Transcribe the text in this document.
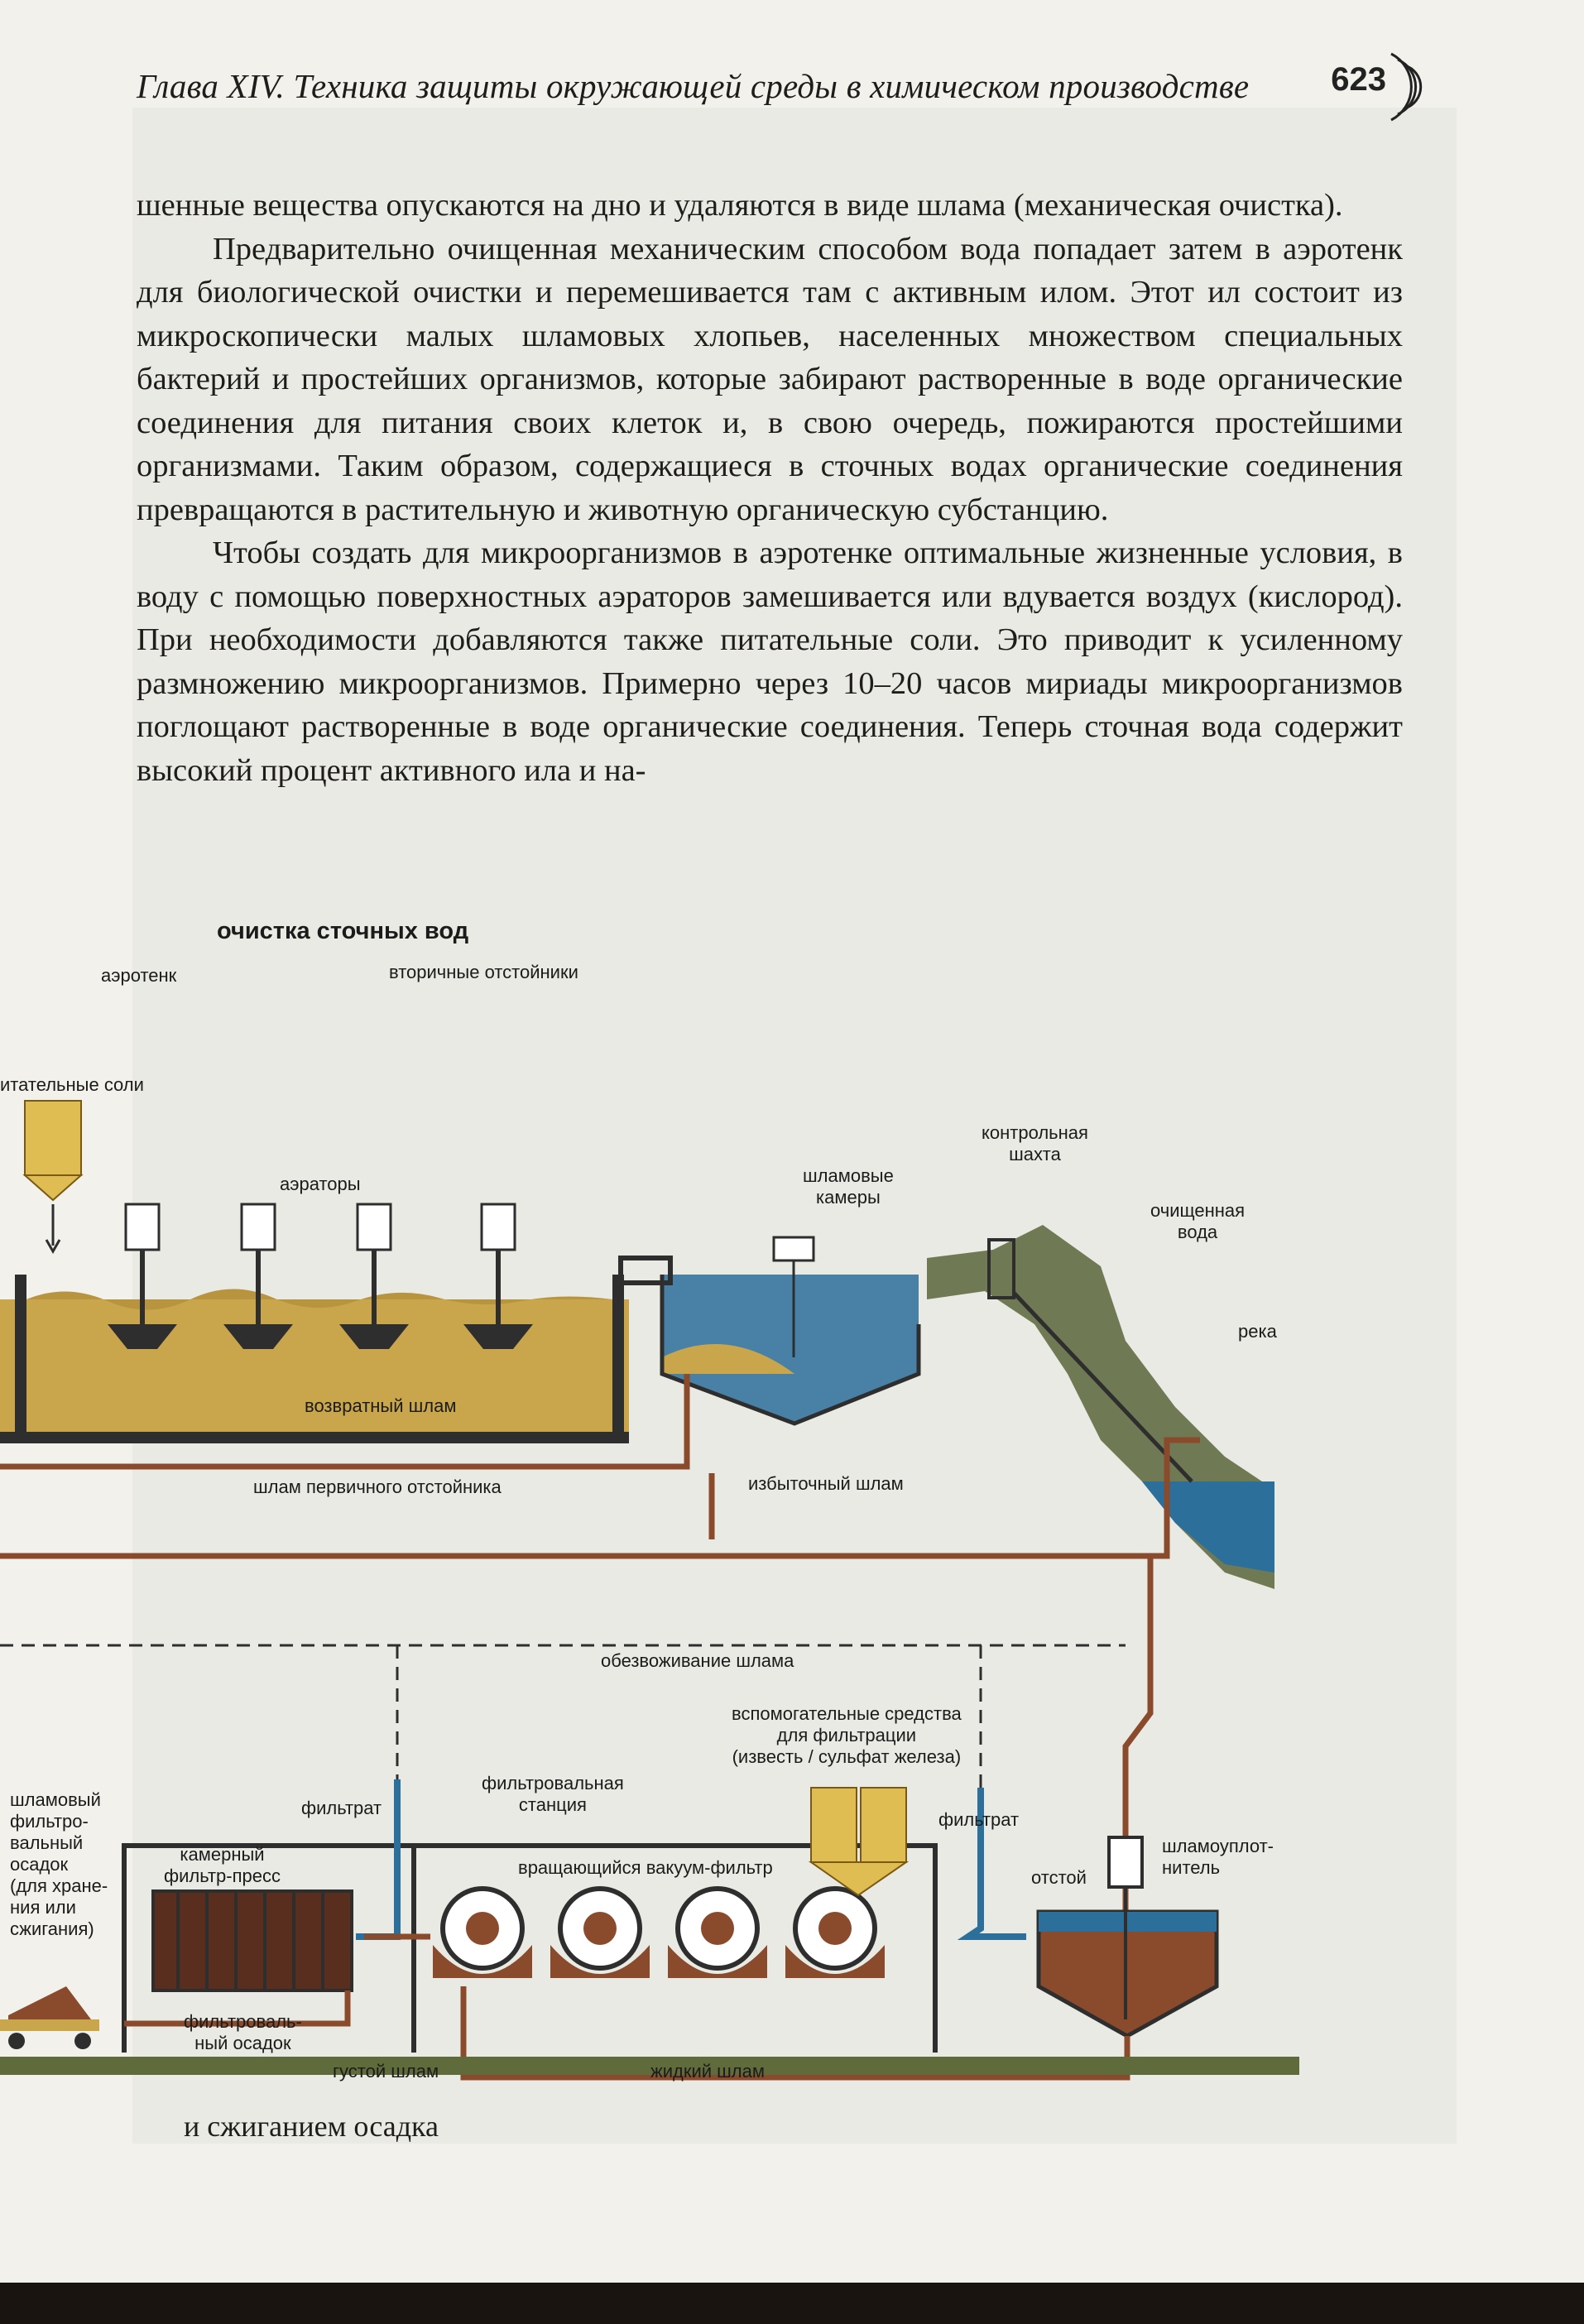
Глава XIV. Техника защиты окружающей среды в химическом производстве 623

шенные вещества опускаются на дно и удаляются в виде шлама (механическая очистка).

Предварительно очищенная механическим способом вода попадает затем в аэротенк для биологической очистки и перемешивается там с активным илом. Этот ил состоит из микроскопически малых шламовых хлопьев, населенных множеством специальных бактерий и простейших организмов, которые забирают растворенные в воде органические соединения для питания своих клеток и, в свою очередь, пожираются простейшими организмами. Таким образом, содержащиеся в сточных водах органические соединения превращаются в растительную и животную органическую субстанцию.

Чтобы создать для микроорганизмов в аэротенке оптимальные жизненные условия, в воду с помощью поверхностных аэраторов замешивается или вдувается воздух (кислород). При необходимости добавляются также питательные соли. Это приводит к усиленному размножению микроорганизмов. Примерно через 10–20 часов мириады микроорганизмов поглощают растворенные в воде органические соединения. Теперь сточная вода содержит высокий процент активного ила и на-

очистка сточных вод
аэротенк	вторичные отстойники
итательные соли
аэраторы	шламовые
камеры
контрольная
шахта
очищенная
вода
река
возвратный шлам
шлам первичного отстойника	избыточный шлам
обезвоживание шлама
вспомогательные средства
для фильтрации
(известь / сульфат железа)
фильтрат
фильтрат
фильтровальная
станция
вращающийся вакуум-фильтр	отстой
шламоуплот-
нитель
камерный
фильтр-пресс
шламовый
фильтро-
вальный
осадок
(для хране-
ния или
сжигания)
фильтроваль-
ный осадок
густой шлам	жидкий шлам
и сжиганием осадка
